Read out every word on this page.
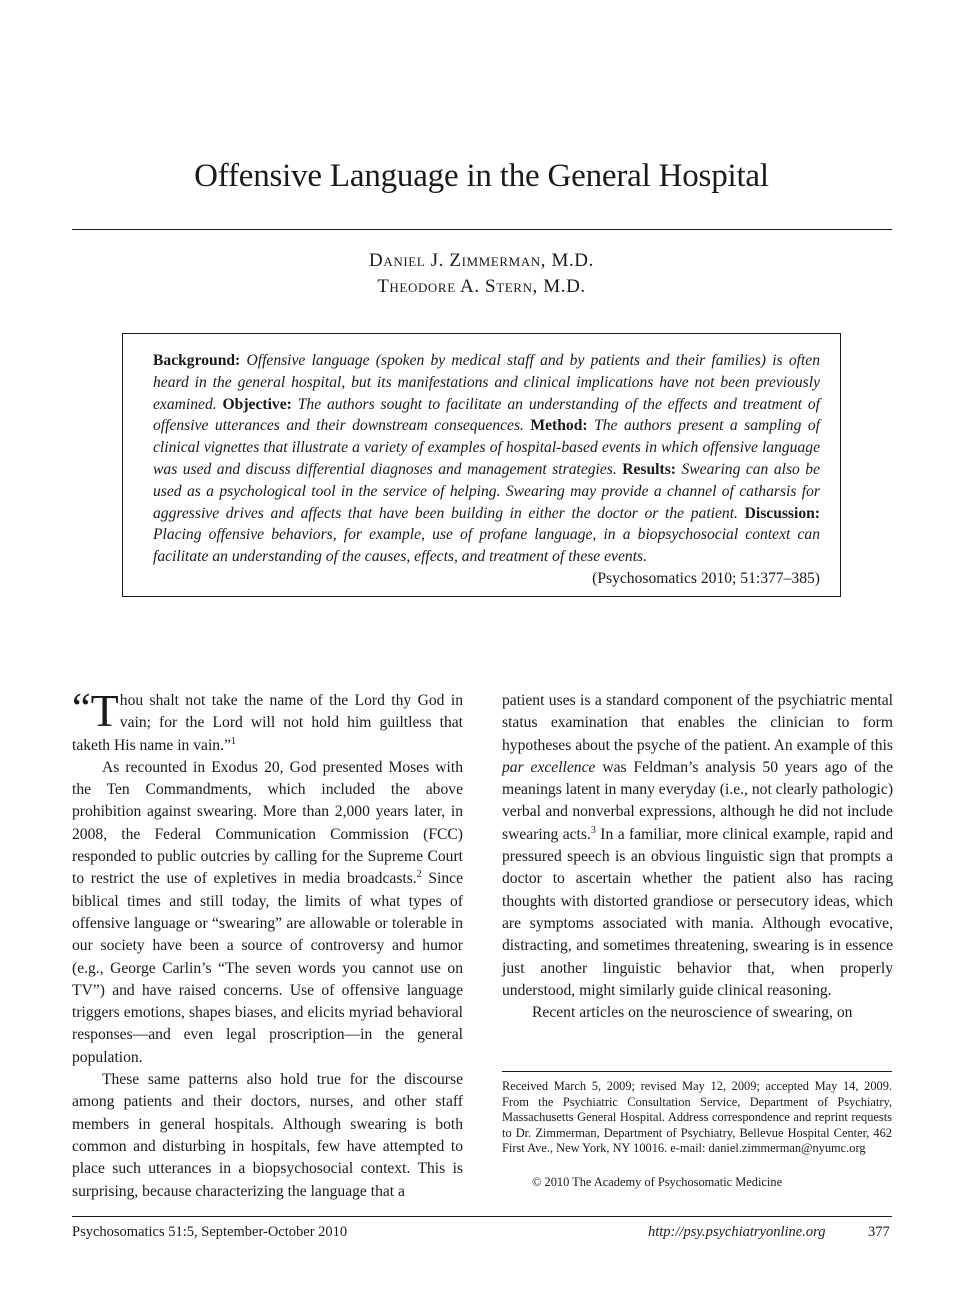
Offensive Language in the General Hospital
Daniel J. Zimmerman, M.D.
Theodore A. Stern, M.D.
Background: Offensive language (spoken by medical staff and by patients and their families) is often heard in the general hospital, but its manifestations and clinical implications have not been previously examined. Objective: The authors sought to facilitate an understanding of the effects and treatment of offensive utterances and their downstream consequences. Method: The authors present a sampling of clinical vignettes that illustrate a variety of examples of hospital-based events in which offensive language was used and discuss differential diagnoses and management strategies. Results: Swearing can also be used as a psychological tool in the service of helping. Swearing may provide a channel of catharsis for aggressive drives and affects that have been building in either the doctor or the patient. Discussion: Placing offensive behaviors, for example, use of profane language, in a biopsychosocial context can facilitate an understanding of the causes, effects, and treatment of these events.
(Psychosomatics 2010; 51:377–385)

“ T hou shalt not take the name of the Lord thy God in vain; for the Lord will not hold him guiltless that taketh His name in vain.”$^1$

As recounted in Exodus 20, God presented Moses with the Ten Commandments, which included the above prohibition against swearing. More than 2,000 years later, in 2008, the Federal Communication Commission (FCC) responded to public outcries by calling for the Supreme Court to restrict the use of expletives in media broadcasts.$^2$ Since biblical times and still today, the limits of what types of offensive language or “swearing” are allowable or tolerable in our society have been a source of controversy and humor (e.g., George Carlin’s “The seven words you cannot use on TV”) and have raised concerns. Use of offensive language triggers emotions, shapes biases, and elicits myriad behavioral responses—and even legal proscription—in the general population.

These same patterns also hold true for the discourse among patients and their doctors, nurses, and other staff members in general hospitals. Although swearing is both common and disturbing in hospitals, few have attempted to place such utterances in a biopsychosocial context. This is surprising, because characterizing the language that a

patient uses is a standard component of the psychiatric mental status examination that enables the clinician to form hypotheses about the psyche of the patient. An example of this par excellence was Feldman’s analysis 50 years ago of the meanings latent in many everyday (i.e., not clearly pathologic) verbal and nonverbal expressions, although he did not include swearing acts.$^3$ In a familiar, more clinical example, rapid and pressured speech is an obvious linguistic sign that prompts a doctor to ascertain whether the patient also has racing thoughts with distorted grandiose or persecutory ideas, which are symptoms associated with mania. Although evocative, distracting, and sometimes threatening, swearing is in essence just another linguistic behavior that, when properly understood, might similarly guide clinical reasoning.

Recent articles on the neuroscience of swearing, on

Received March 5, 2009; revised May 12, 2009; accepted May 14, 2009. From the Psychiatric Consultation Service, Department of Psychiatry, Massachusetts General Hospital. Address correspondence and reprint requests to Dr. Zimmerman, Department of Psychiatry, Bellevue Hospital Center, 462 First Ave., New York, NY 10016. e-mail: daniel.zimmerman@nyumc.org
© 2010 The Academy of Psychosomatic Medicine
Psychosomatics 51:5, September-October 2010	http://psy.psychiatryonline.org	377
